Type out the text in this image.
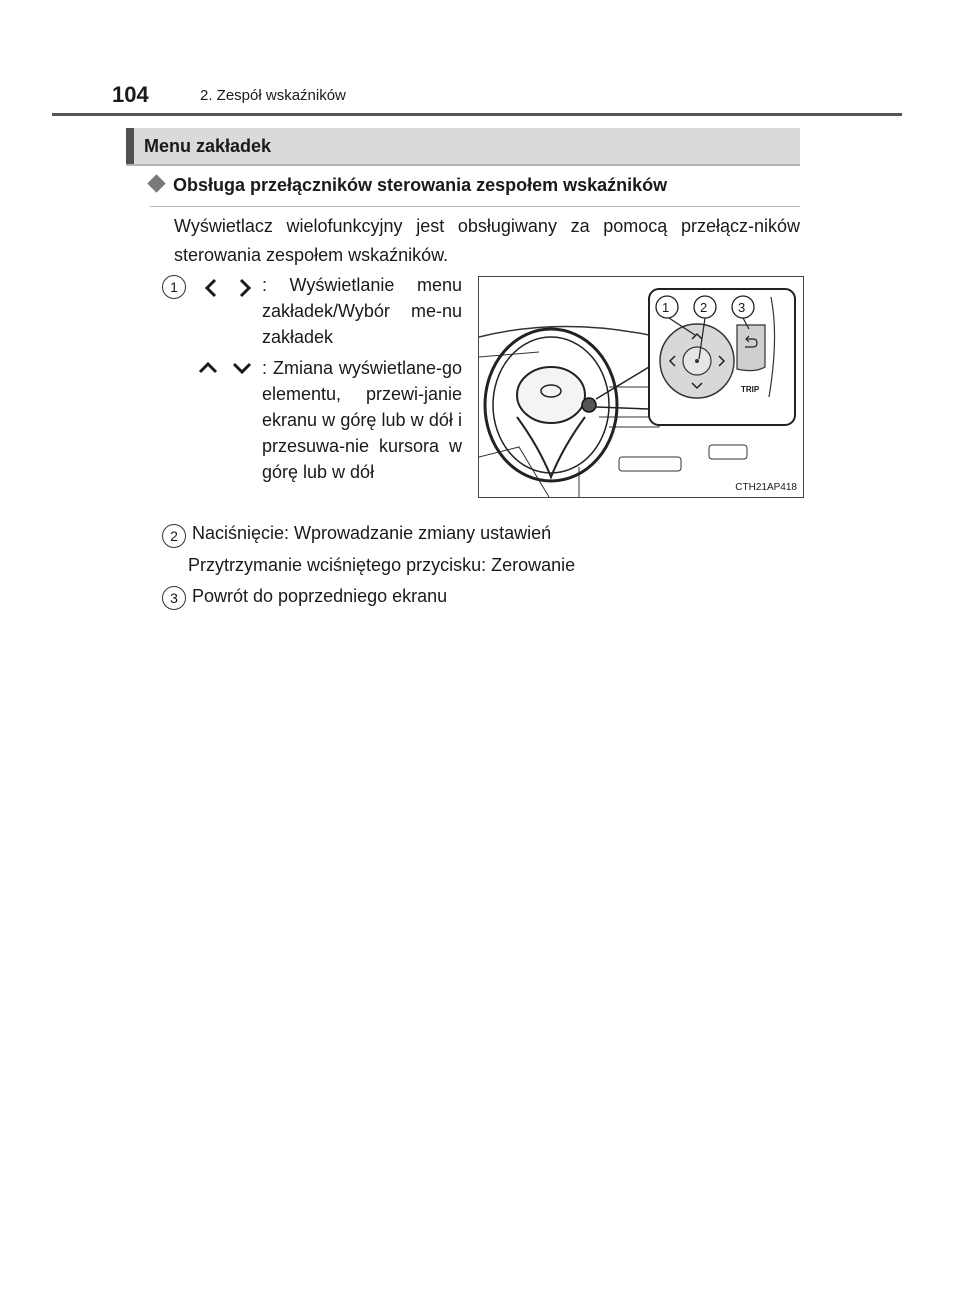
104	2. Zespół wskaźników
Menu zakładek
Obsługa przełączników sterowania zespołem wskaźników
Wyświetlacz wielofunkcyjny jest obsługiwany za pomocą przełącz-ników sterowania zespołem wskaźników.
1	: Wyświetlanie menu zakładek/Wybór me-nu zakładek
: Zmiana wyświetlane-go elementu, przewi-janie ekranu w górę lub w dół i przesuwa-nie kursora w górę lub w dół
1 2 3
TRIP
CTH21AP418
2 Naciśnięcie: Wprowadzanie zmiany ustawień
Przytrzymanie wciśniętego przycisku: Zerowanie
3 Powrót do poprzedniego ekranu
